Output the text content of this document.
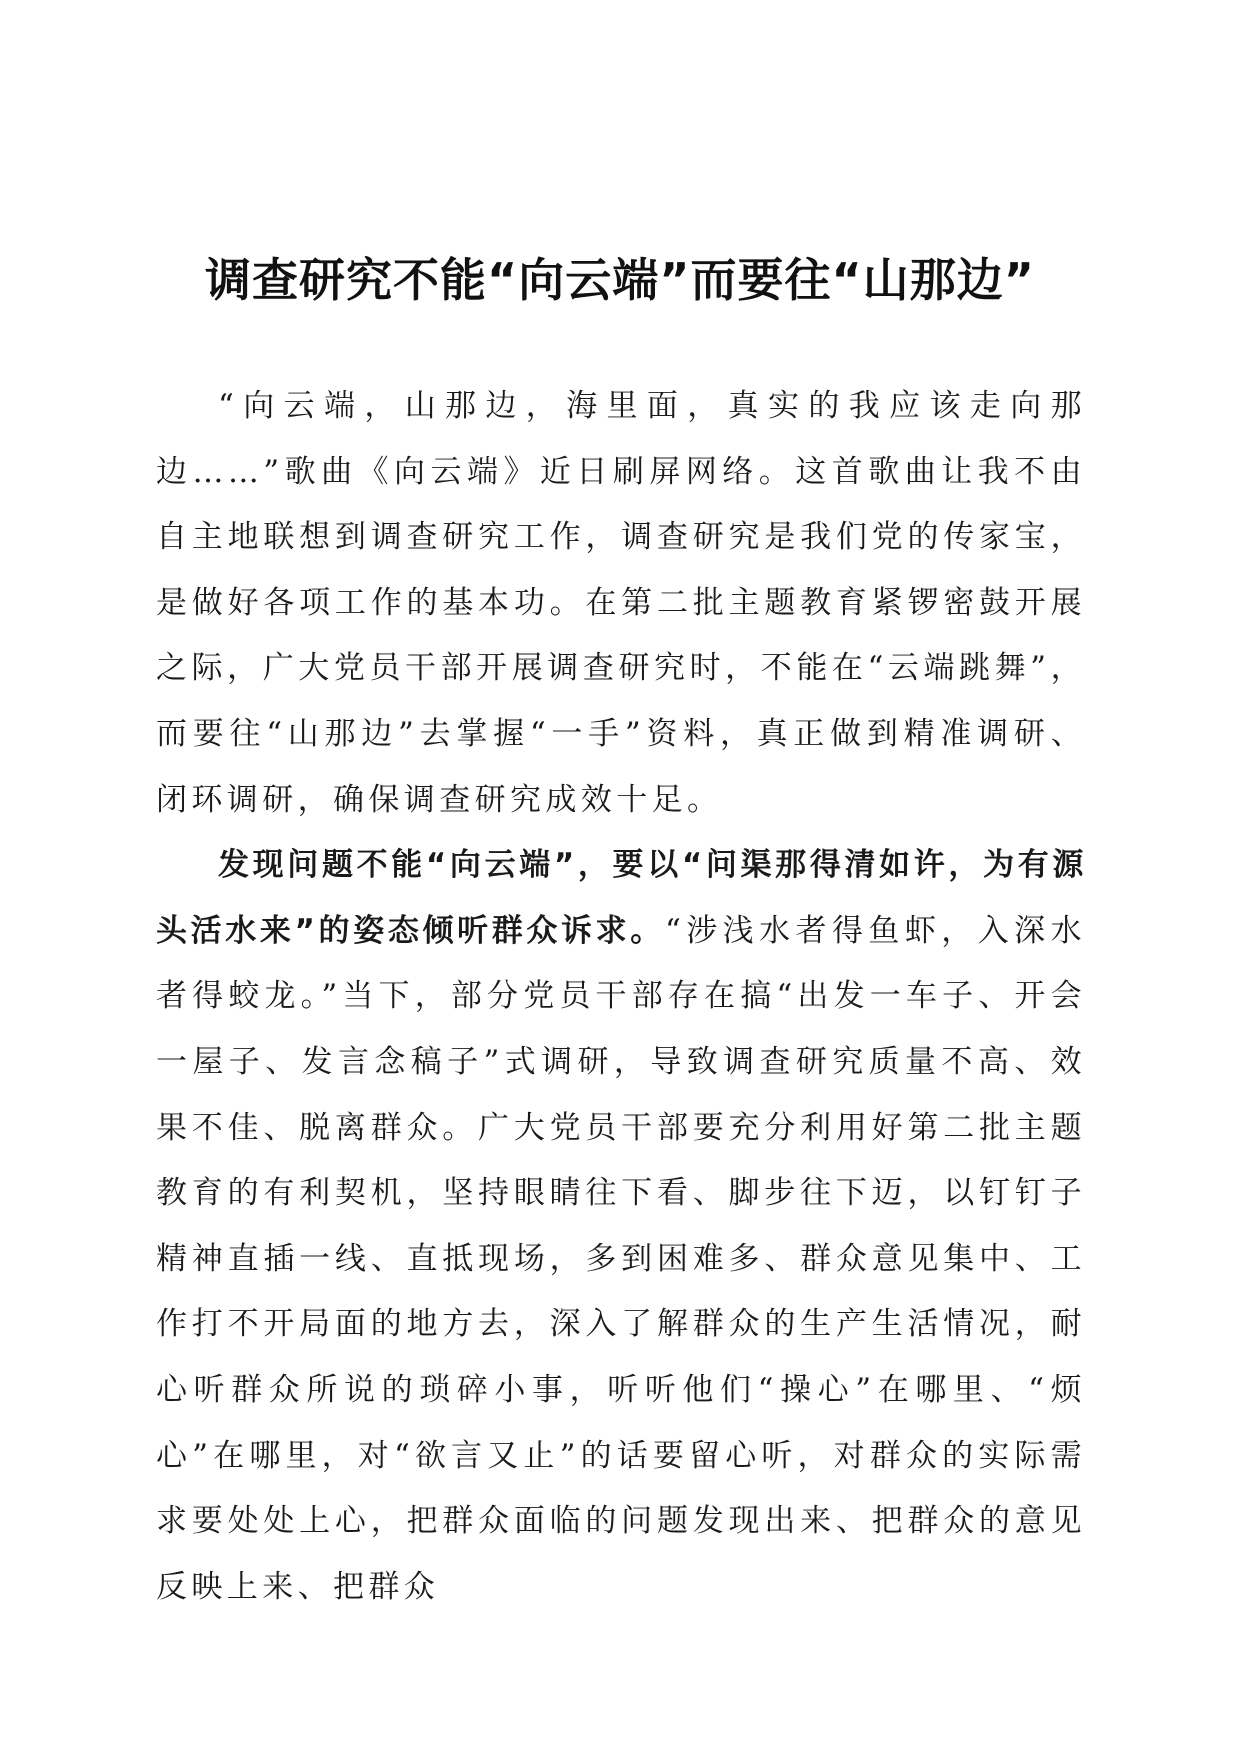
调查研究不能“向云端”而要往“山那边”

“向云端，山那边，海里面，真实的我应该走向那边……”歌曲《向云端》近日刷屏网络。这首歌曲让我不由自主地联想到调查研究工作，调查研究是我们党的传家宝，是做好各项工作的基本功。在第二批主题教育紧锣密鼓开展之际，广大党员干部开展调查研究时，不能在“云端跳舞”，而要往“山那边”去掌握“一手”资料，真正做到精准调研、闭环调研，确保调查研究成效十足。

发现问题不能“向云端”，要以“问渠那得清如许，为有源头活水来”的姿态倾听群众诉求。“涉浅水者得鱼虾，入深水者得蛟龙。”当下，部分党员干部存在搞“出发一车子、开会一屋子、发言念稿子”式调研，导致调查研究质量不高、效果不佳、脱离群众。广大党员干部要充分利用好第二批主题教育的有利契机，坚持眼睛往下看、脚步往下迈，以钉钉子精神直插一线、直抵现场，多到困难多、群众意见集中、工作打不开局面的地方去，深入了解群众的生产生活情况，耐心听群众所说的琐碎小事，听听他们“操心”在哪里、“烦心”在哪里，对“欲言又止”的话要留心听，对群众的实际需求要处处上心，把群众面临的问题发现出来、把群众的意见反映上来、把群众
